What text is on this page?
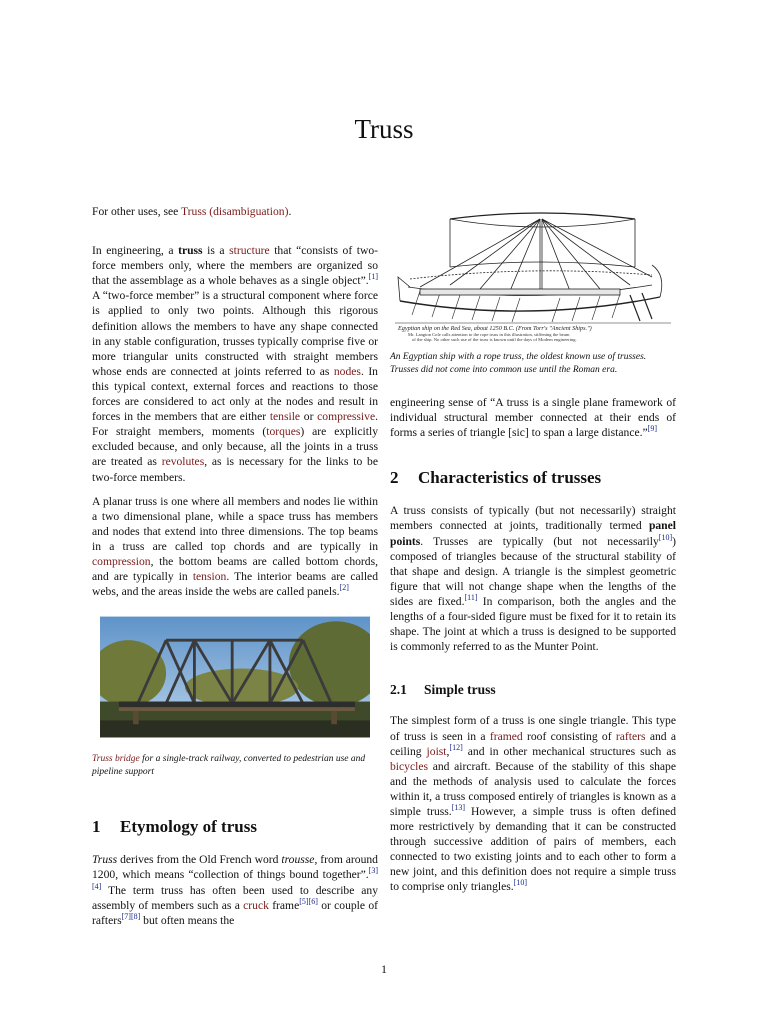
Truss

For other uses, see Truss (disambiguation).

In engineering, a truss is a structure that “consists of two-force members only, where the members are organized so that the assemblage as a whole behaves as a single object”.[1] A “two-force member” is a structural component where force is applied to only two points. Although this rigorous definition allows the members to have any shape connected in any stable configuration, trusses typically comprise five or more triangular units constructed with straight members whose ends are connected at joints referred to as nodes. In this typical context, external forces and reactions to those forces are considered to act only at the nodes and result in forces in the members that are either tensile or compressive. For straight members, moments (torques) are explicitly excluded because, and only because, all the joints in a truss are treated as revolutes, as is necessary for the links to be two-force members.

A planar truss is one where all members and nodes lie within a two dimensional plane, while a space truss has members and nodes that extend into three dimensions. The top beams in a truss are called top chords and are typically in compression, the bottom beams are called bottom chords, and are typically in tension. The interior beams are called webs, and the areas inside the webs are called panels.[2]

Truss bridge for a single-track railway, converted to pedestrian use and pipeline support

1 Etymology of truss

Truss derives from the Old French word trousse, from around 1200, which means “collection of things bound together”.[3][4] The term truss has often been used to describe any assembly of members such as a cruck frame[5][6] or couple of rafters[7][8] but often means the

Egyptian ship on the Red Sea, about 1250 B.C. (From Torr's "Ancient Ships.")
Mr. Langton Cole calls attention to the rope truss in this illustration, stiffening the beam
of the ship. No other such use of the truss is known until the days of Modern engineering.

An Egyptian ship with a rope truss, the oldest known use of trusses. Trusses did not come into common use until the Roman era.

engineering sense of “A truss is a single plane framework of individual structural member connected at their ends of forms a series of triangle [sic] to span a large distance.”[9]

2 Characteristics of trusses

A truss consists of typically (but not necessarily) straight members connected at joints, traditionally termed panel points. Trusses are typically (but not necessarily[10]) composed of triangles because of the structural stability of that shape and design. A triangle is the simplest geometric figure that will not change shape when the lengths of the sides are fixed.[11] In comparison, both the angles and the lengths of a four-sided figure must be fixed for it to retain its shape. The joint at which a truss is designed to be supported is commonly referred to as the Munter Point.

2.1 Simple truss

The simplest form of a truss is one single triangle. This type of truss is seen in a framed roof consisting of rafters and a ceiling joist,[12] and in other mechanical structures such as bicycles and aircraft. Because of the stability of this shape and the methods of analysis used to calculate the forces within it, a truss composed entirely of triangles is known as a simple truss.[13] However, a simple truss is often defined more restrictively by demanding that it can be constructed through successive addition of pairs of members, each connected to two existing joints and to each other to form a new joint, and this definition does not require a simple truss to comprise only triangles.[10]

1
